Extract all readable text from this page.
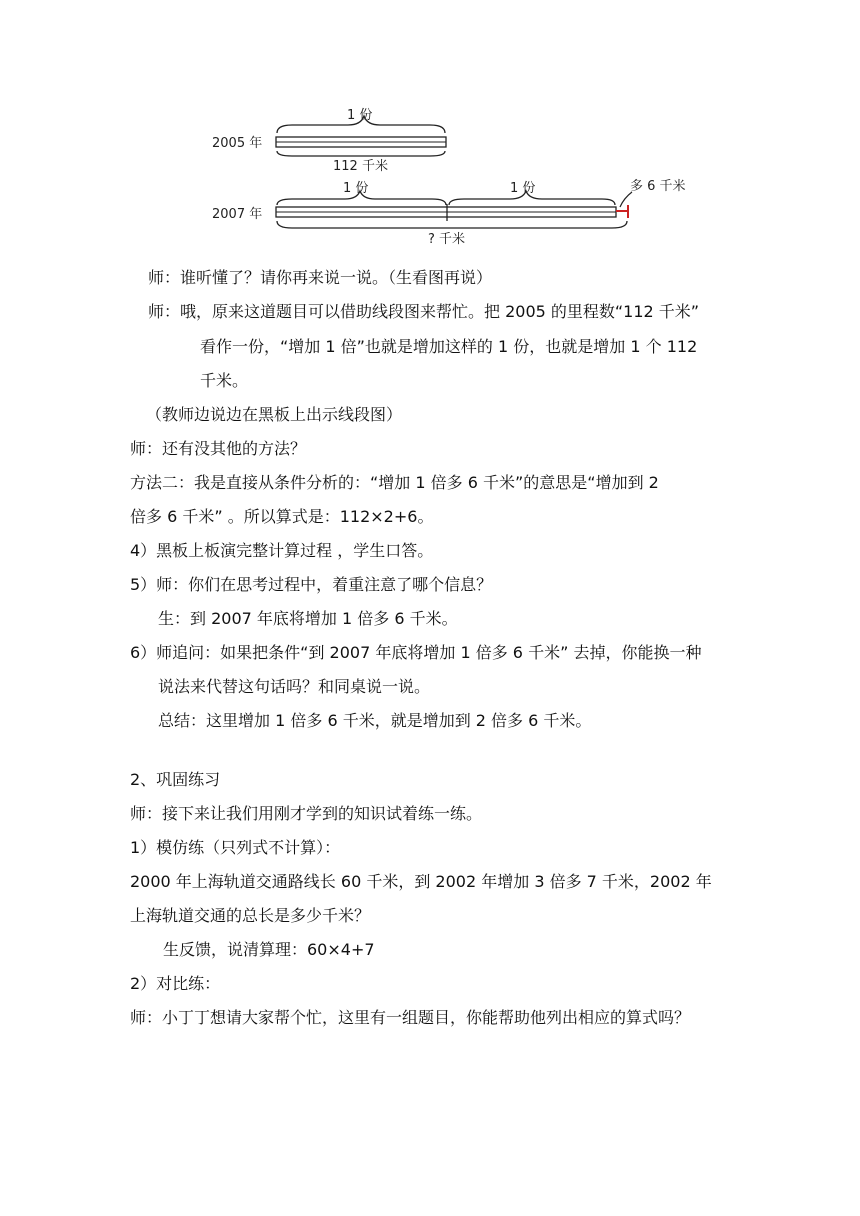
2005 年
1 份
112 千米
2007 年
1 份	1 份	多 6 千米
? 千米
师：谁听懂了？请你再来说一说。（生看图再说）
师：哦，原来这道题目可以借助线段图来帮忙。把 2005 的里程数“112 千米”
看作一份，“增加 1 倍”也就是增加这样的 1 份，也就是增加 1 个 112
千米。
（教师边说边在黑板上出示线段图）
师：还有没其他的方法？
方法二：我是直接从条件分析的：“增加 1 倍多 6 千米”的意思是“增加到 2
倍多 6 千米” 。所以算式是：112×2+6。
4）黑板上板演完整计算过程 ，学生口答。
5）师：你们在思考过程中，着重注意了哪个信息？
生：到 2007 年底将增加 1 倍多 6 千米。
6）师追问：如果把条件“到 2007 年底将增加 1 倍多 6 千米” 去掉，你能换一种
说法来代替这句话吗？和同桌说一说。
总结：这里增加 1 倍多 6 千米，就是增加到 2 倍多 6 千米。
2、巩固练习
师：接下来让我们用刚才学到的知识试着练一练。
1）模仿练（只列式不计算）：
2000 年上海轨道交通路线长 60 千米，到 2002 年增加 3 倍多 7 千米，2002 年
上海轨道交通的总长是多少千米？
生反馈，说清算理：60×4+7
2）对比练：
师：小丁丁想请大家帮个忙，这里有一组题目，你能帮助他列出相应的算式吗？
